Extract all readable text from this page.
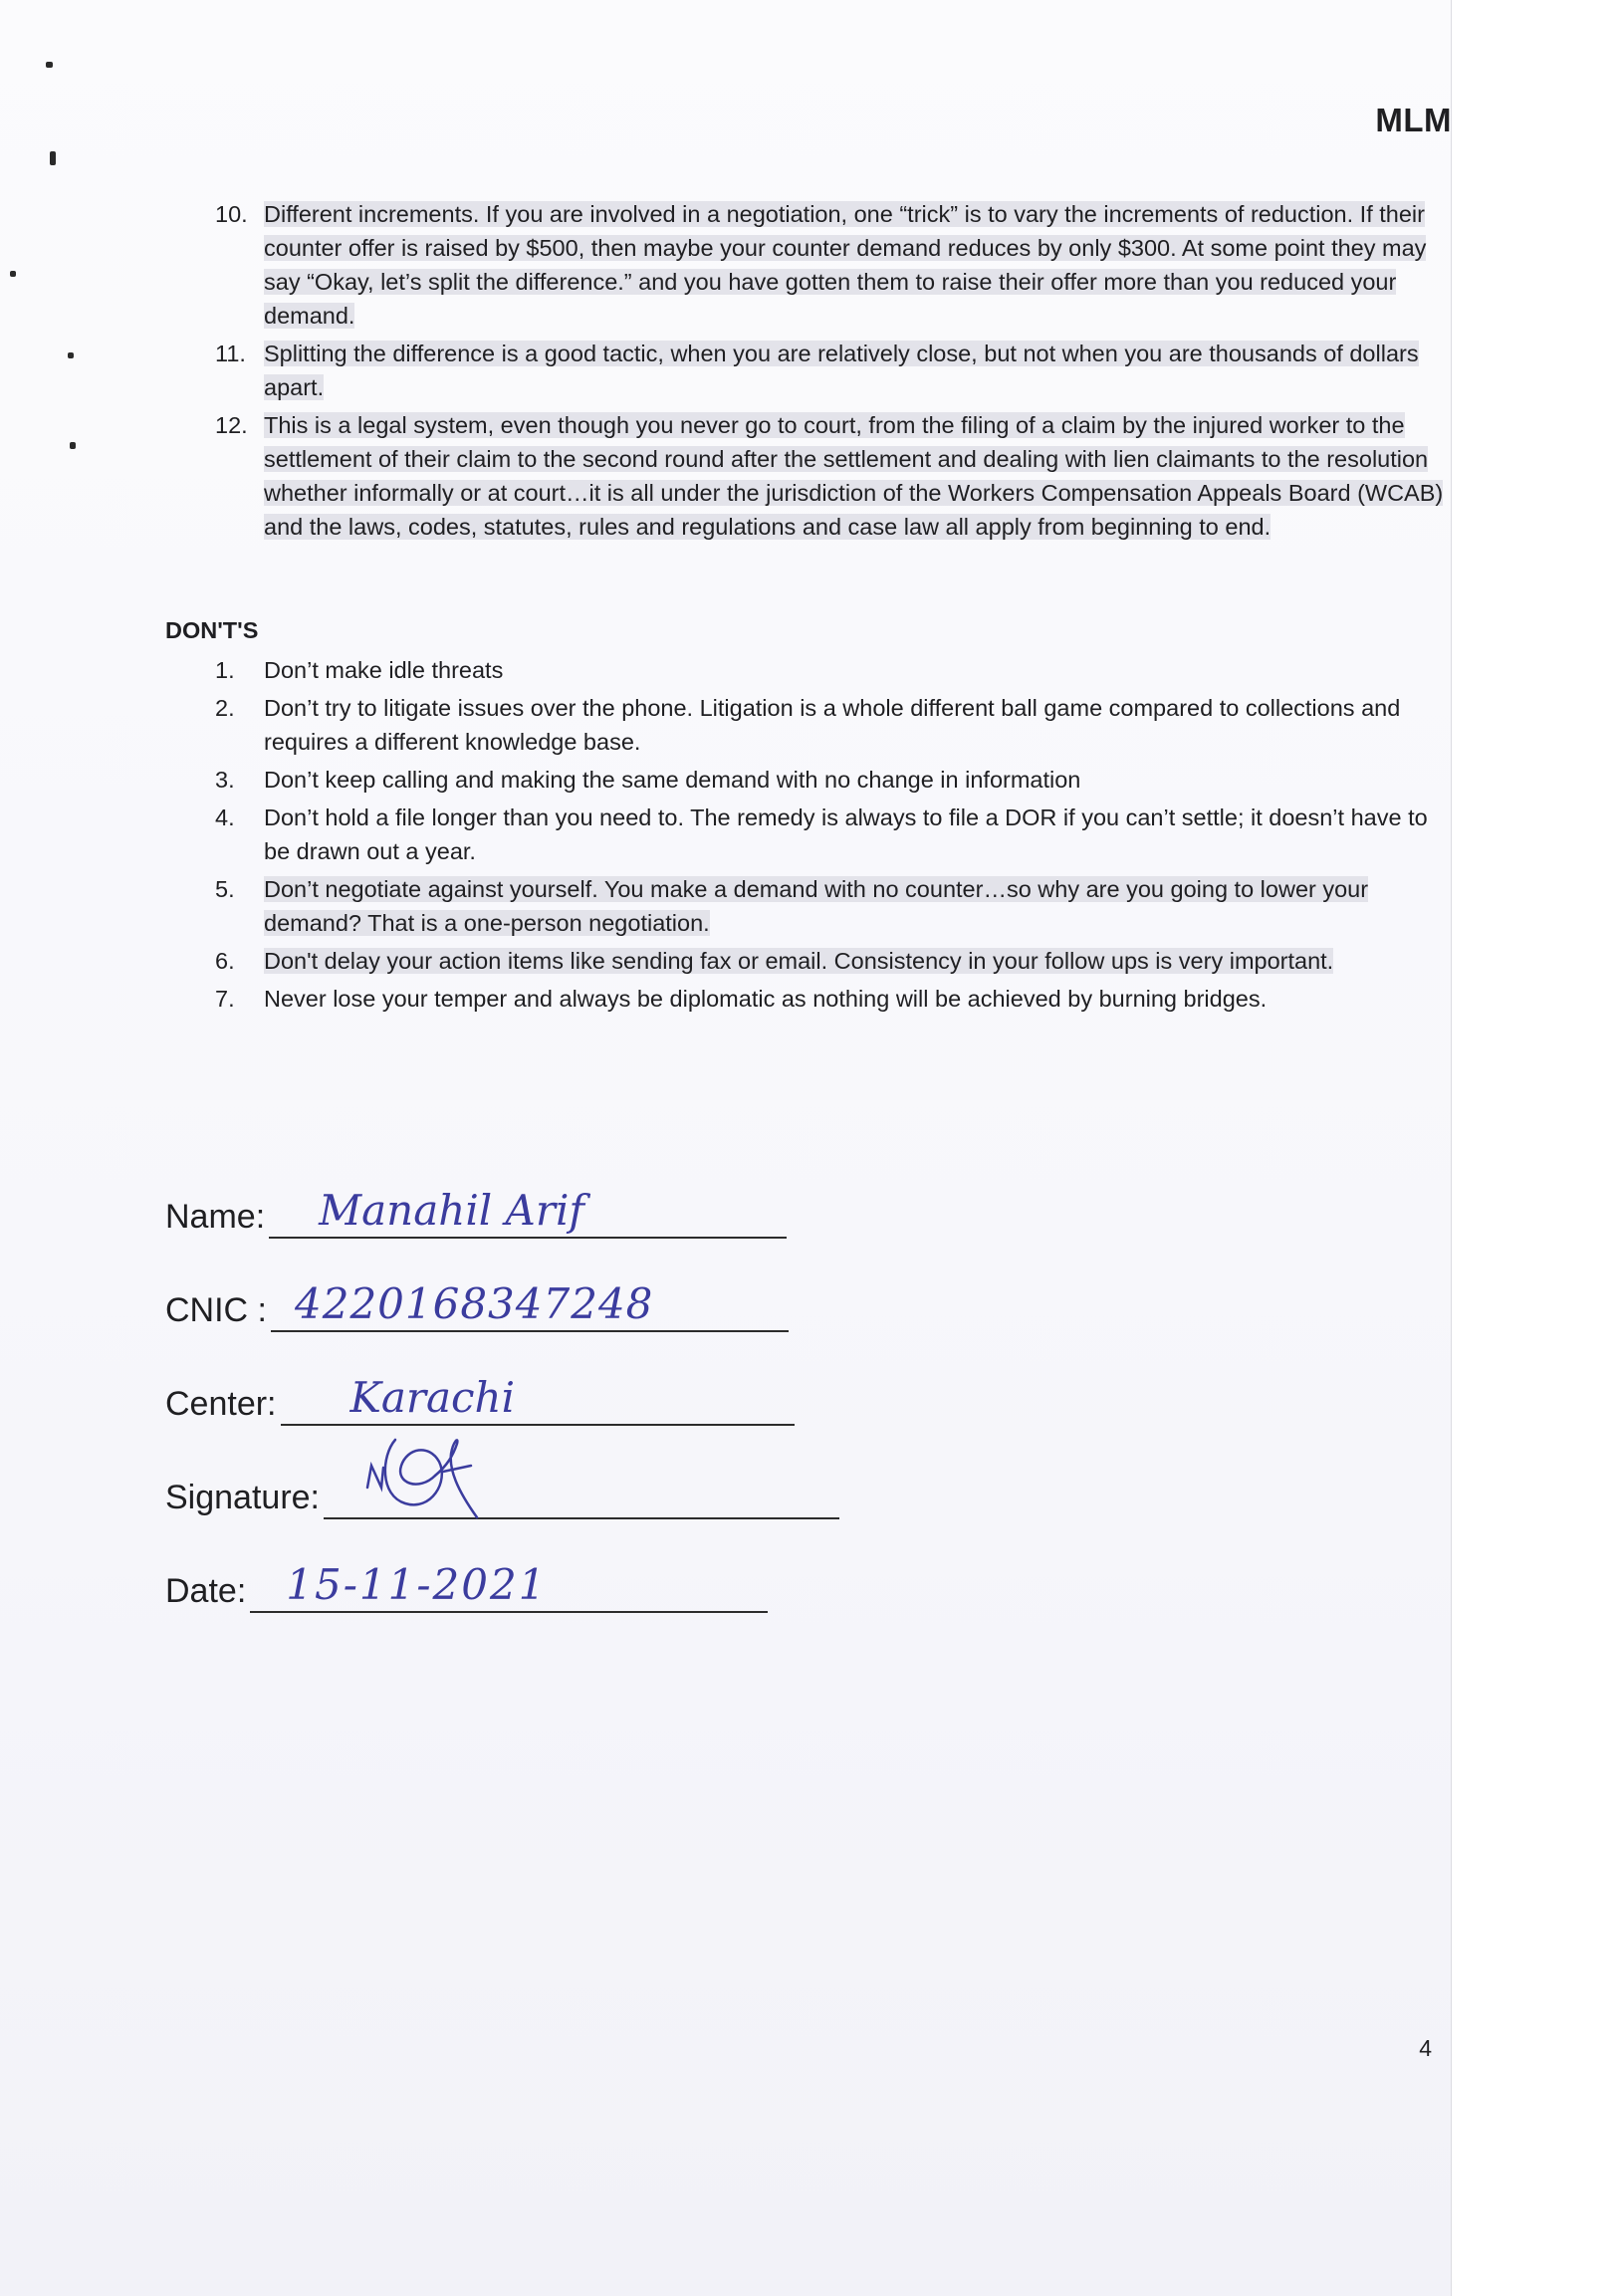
MLM
10. Different increments. If you are involved in a negotiation, one “trick” is to vary the increments of reduction. If their counter offer is raised by $500, then maybe your counter demand reduces by only $300. At some point they may say “Okay, let’s split the difference.” and you have gotten them to raise their offer more than you reduced your demand.
11. Splitting the difference is a good tactic, when you are relatively close, but not when you are thousands of dollars apart.
12. This is a legal system, even though you never go to court, from the filing of a claim by the injured worker to the settlement of their claim to the second round after the settlement and dealing with lien claimants to the resolution whether informally or at court…it is all under the jurisdiction of the Workers Compensation Appeals Board (WCAB) and the laws, codes, statutes, rules and regulations and case law all apply from beginning to end.
DON'T'S
1. Don’t make idle threats
2. Don’t try to litigate issues over the phone. Litigation is a whole different ball game compared to collections and requires a different knowledge base.
3. Don’t keep calling and making the same demand with no change in information
4. Don’t hold a file longer than you need to. The remedy is always to file a DOR if you can’t settle; it doesn’t have to be drawn out a year.
5. Don’t negotiate against yourself. You make a demand with no counter…so why are you going to lower your demand? That is a one-person negotiation.
6. Don't delay your action items like sending fax or email. Consistency in your follow ups is very important.
7. Never lose your temper and always be diplomatic as nothing will be achieved by burning bridges.
Name: Manahil Arif
CNIC : 4220168347248
Center: Karachi
Signature:
Date: 15-11-2021
4
